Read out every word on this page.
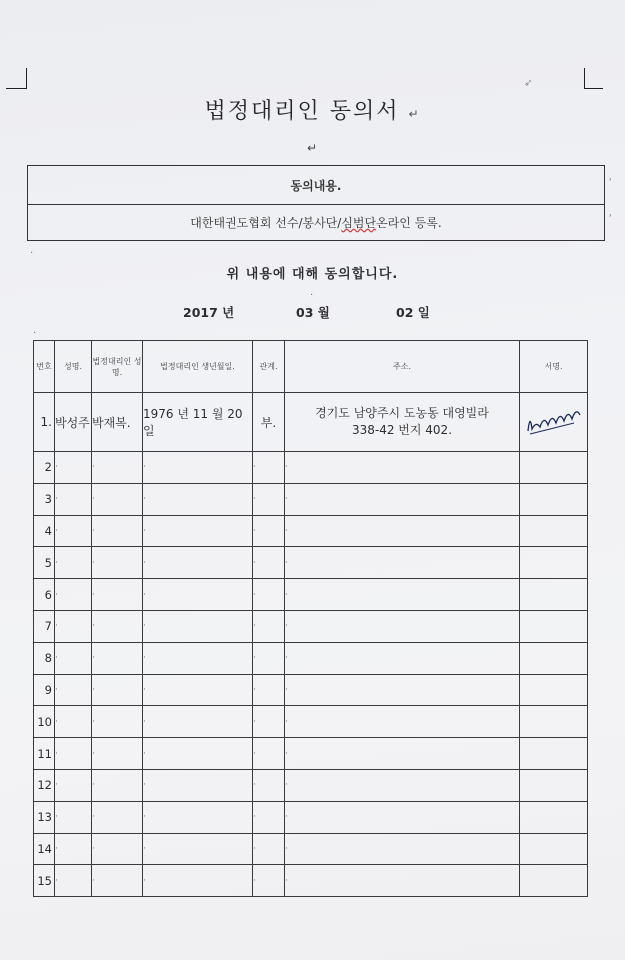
➶
법정대리인 동의서 ↵
↵
동의내용.
대한태권도협회 선수/봉사단/ 심범단 온라인 등록.
˒
˒
·
위 내용에 대해 동의합니다.
2017 년	03 월	02 일
·
·
번호	성명.	법정대리인 성명.	법정대리인 생년월일.	관계.	주소.	서명.
1.	박성주	박재복.	1976 년 11 월 20 일	부.	경기도 남양주시 도농동 대영빌라
338-42 번지 402.

2	·	·	·	·	·	
3	·	·	·	·	·	
4	·	·	·	·	·	
5	·	·	·	·	·	
6	·	·	·	·	·	
7	·	·	·	·	·	
8	·	·	·	·	·	
9	·	·	·	·	·	
10	·	·	·	·	·	
11	·	·	·	·	·	
12	·	·	·	·	·	
13	·	·	·	·	·	
14	·	·	·	·	·	
15	·	·	·	·	·	
